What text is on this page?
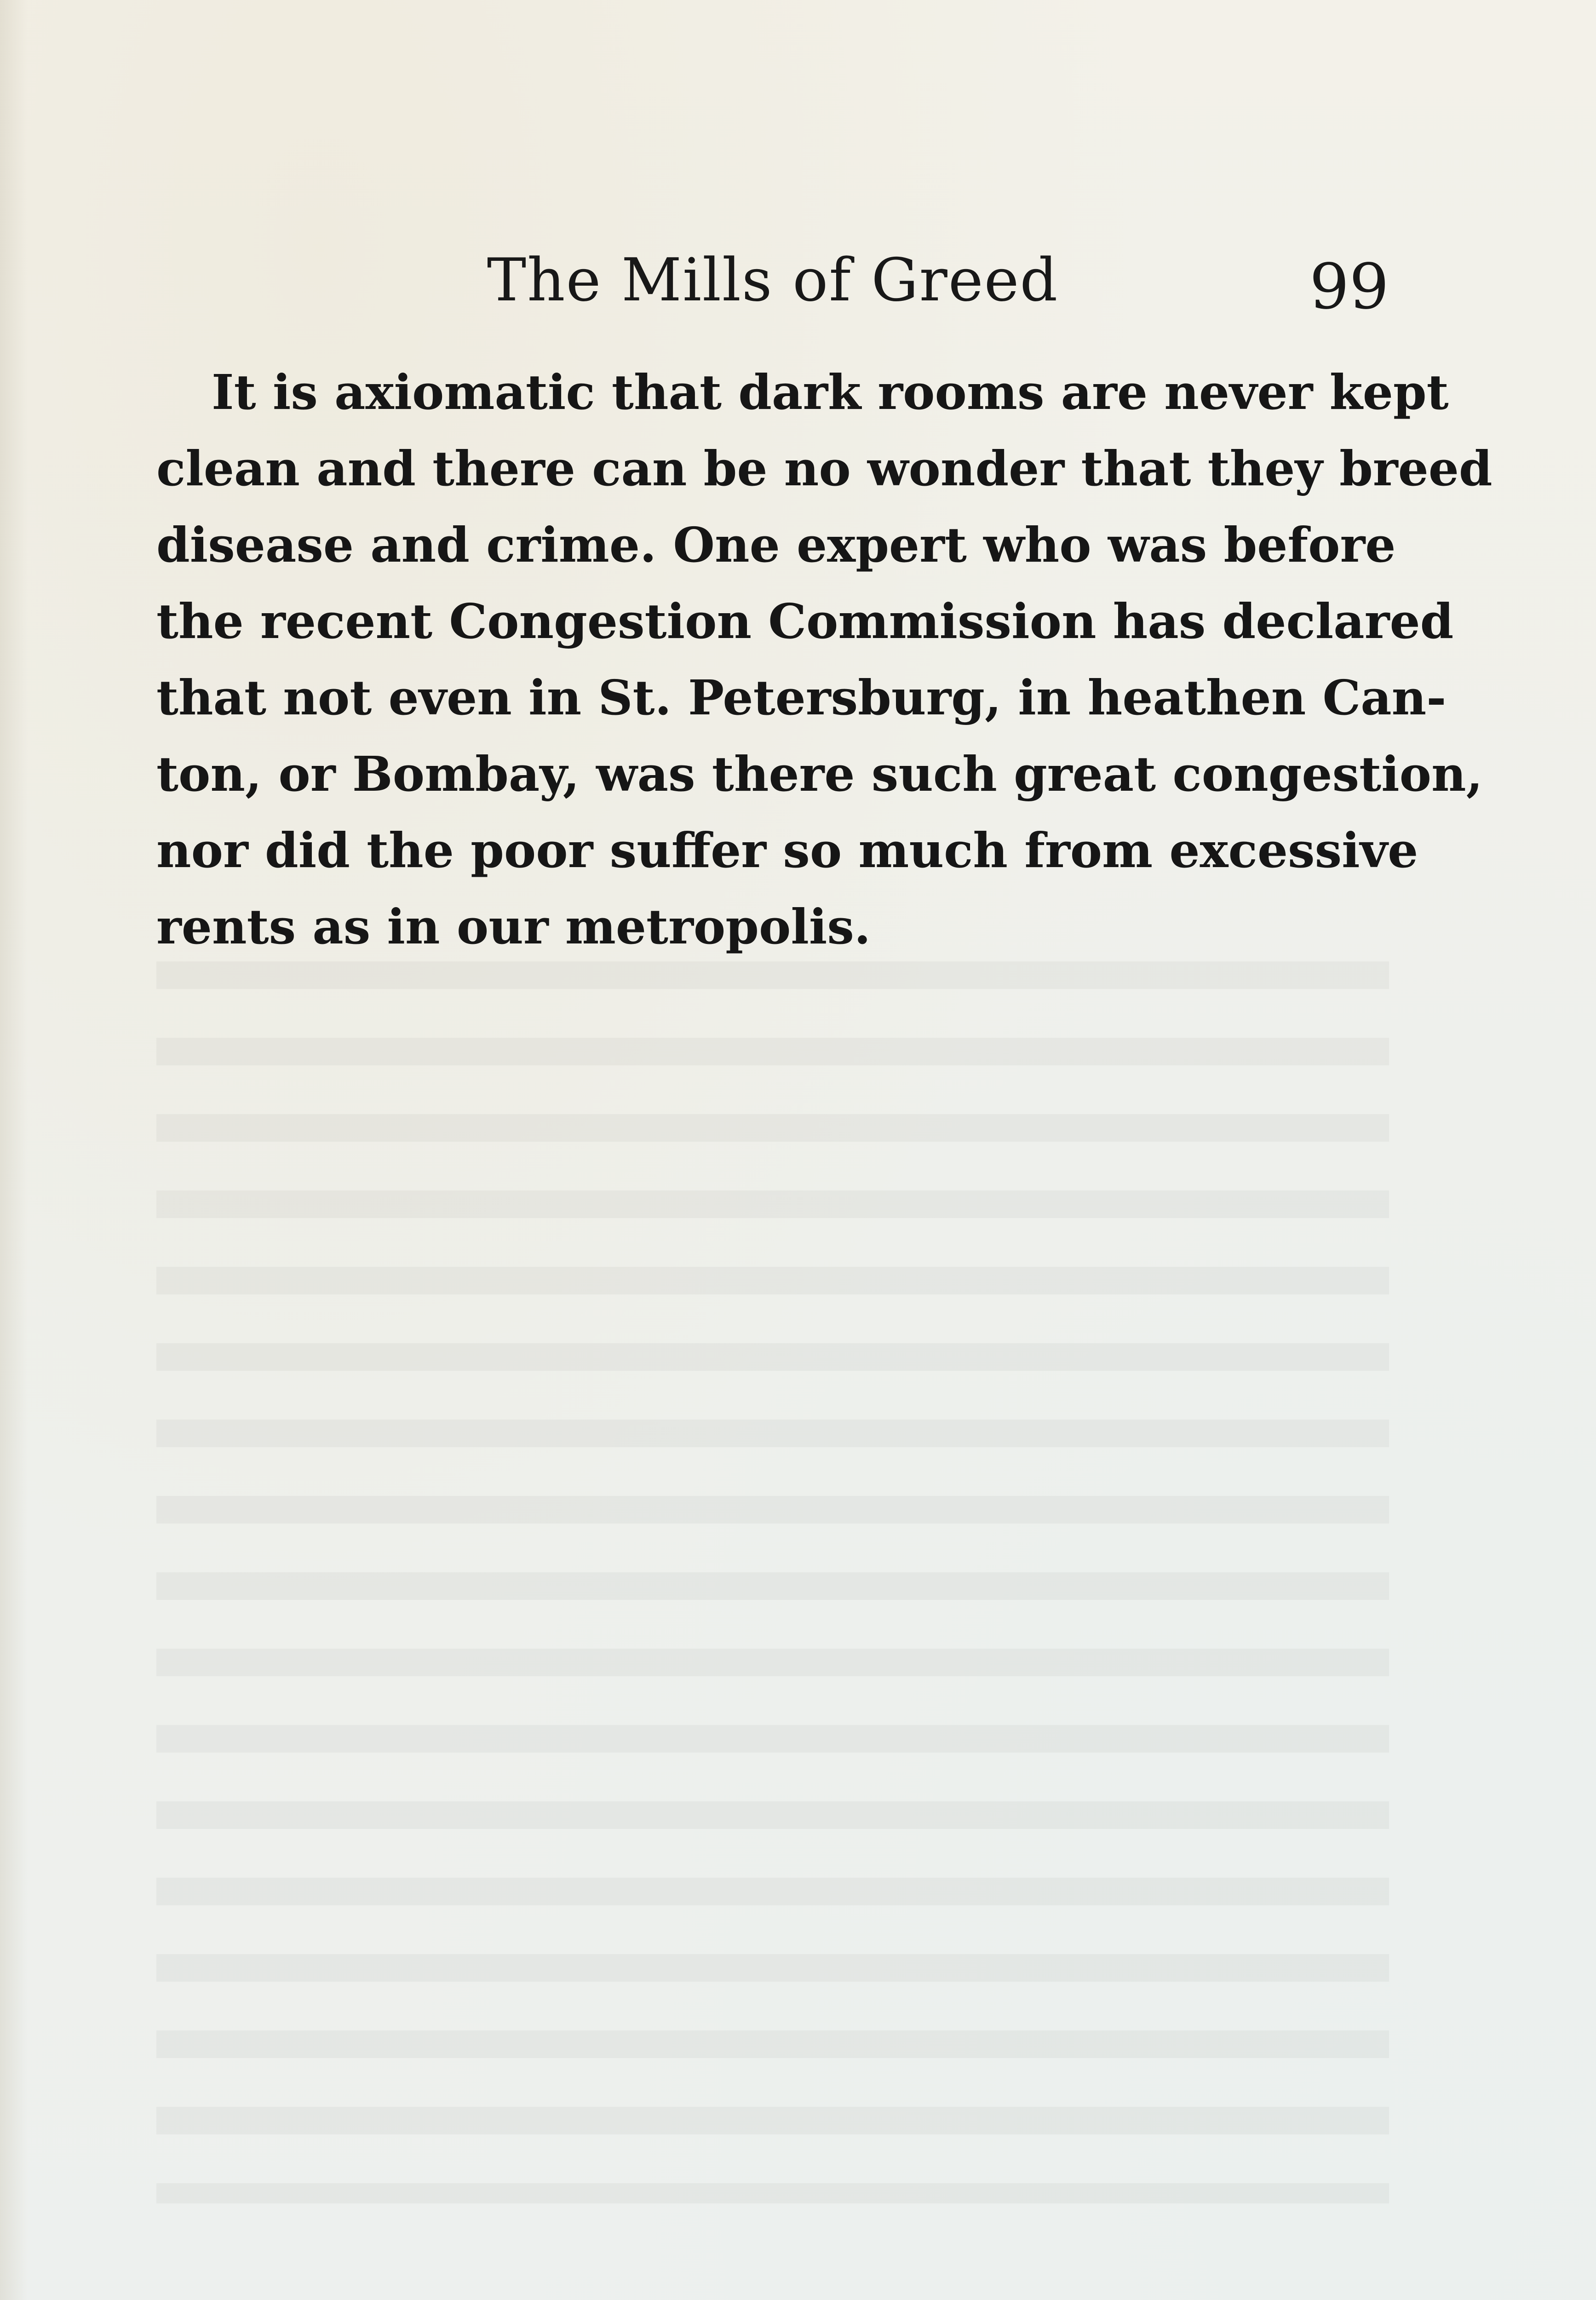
The Mills of Greed	99
It is axiomatic that dark rooms are never kept
clean and there can be no wonder that they breed
disease and crime. One expert who was before
the recent Congestion Commission has declared
that not even in St. Petersburg, in heathen Can-
ton, or Bombay, was there such great congestion,
nor did the poor suffer so much from excessive
rents as in our metropolis.
